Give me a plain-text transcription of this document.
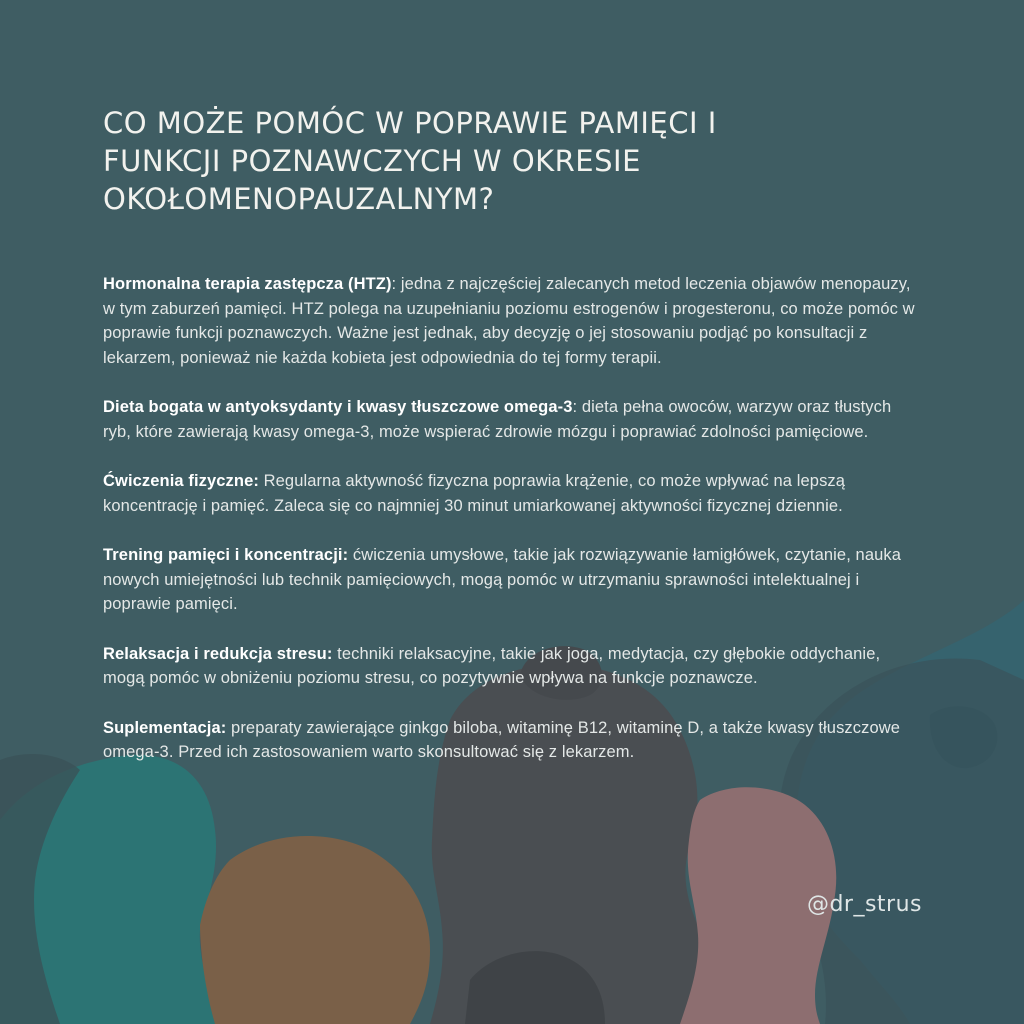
CO MOŻE POMÓC W POPRAWIE PAMIĘCI I FUNKCJI POZNAWCZYCH W OKRESIE OKOŁOMENOPAUZALNYM?

Hormonalna terapia zastępcza (HTZ): jedna z najczęściej zalecanych metod leczenia objawów menopauzy, w tym zaburzeń pamięci. HTZ polega na uzupełnianiu poziomu estrogenów i progesteronu, co może pomóc w poprawie funkcji poznawczych. Ważne jest jednak, aby decyzję o jej stosowaniu podjąć po konsultacji z lekarzem, ponieważ nie każda kobieta jest odpowiednia do tej formy terapii.

Dieta bogata w antyoksydanty i kwasy tłuszczowe omega-3: dieta pełna owoców, warzyw oraz tłustych ryb, które zawierają kwasy omega-3, może wspierać zdrowie mózgu i poprawiać zdolności pamięciowe.

Ćwiczenia fizyczne: Regularna aktywność fizyczna poprawia krążenie, co może wpływać na lepszą koncentrację i pamięć. Zaleca się co najmniej 30 minut umiarkowanej aktywności fizycznej dziennie.

Trening pamięci i koncentracji: ćwiczenia umysłowe, takie jak rozwiązywanie łamigłówek, czytanie, nauka nowych umiejętności lub technik pamięciowych, mogą pomóc w utrzymaniu sprawności intelektualnej i poprawie pamięci.

Relaksacja i redukcja stresu: techniki relaksacyjne, takie jak joga, medytacja, czy głębokie oddychanie, mogą pomóc w obniżeniu poziomu stresu, co pozytywnie wpływa na funkcje poznawcze.

Suplementacja: preparaty zawierające ginkgo biloba, witaminę B12, witaminę D, a także kwasy tłuszczowe omega-3. Przed ich zastosowaniem warto skonsultować się z lekarzem.

@dr_strus
